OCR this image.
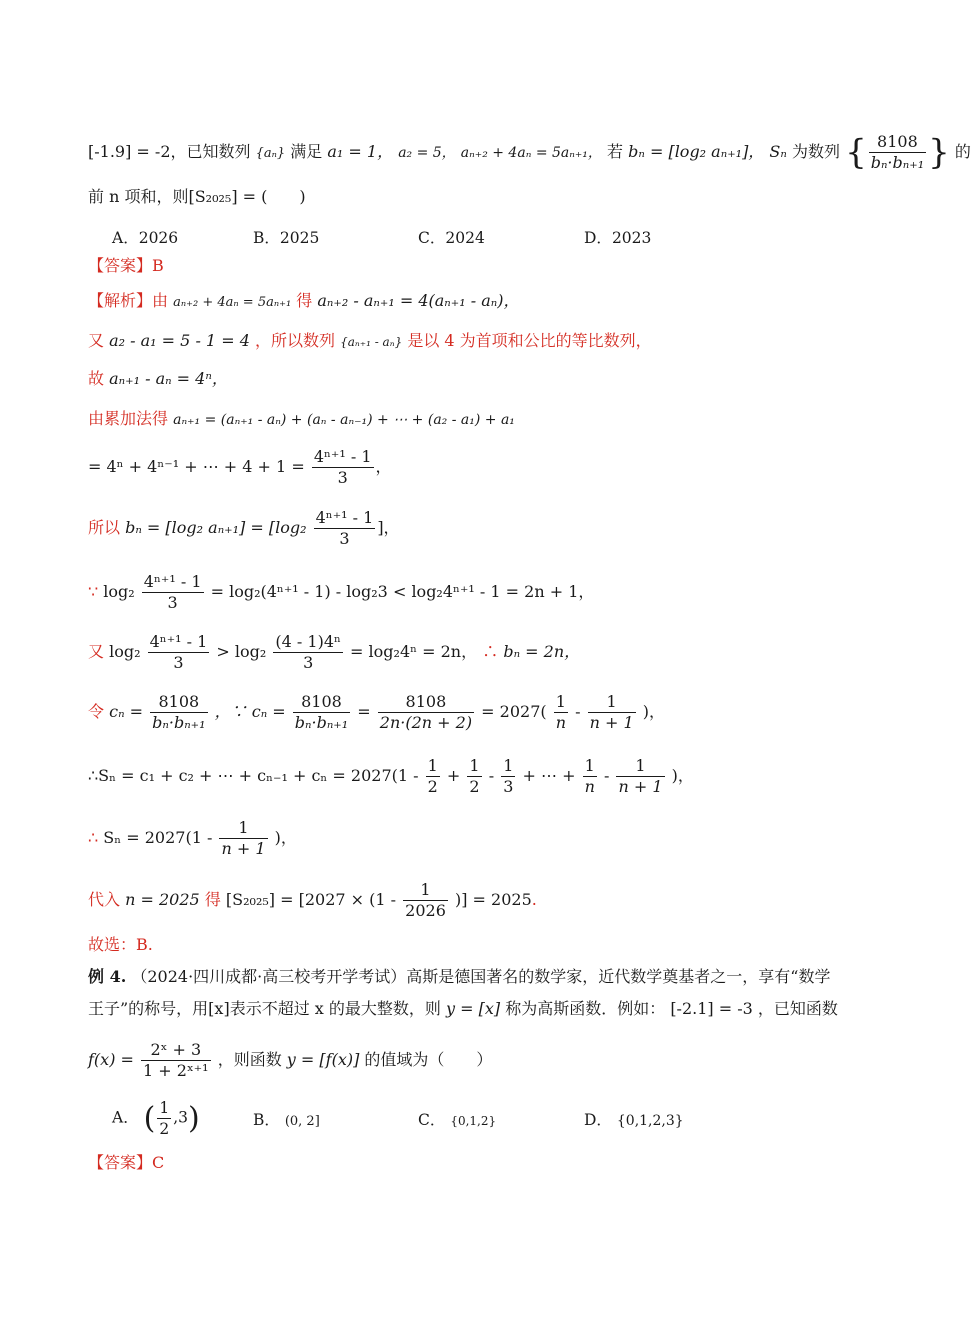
[-1.9] = -2，已知数列 {aₙ} 满足 a₁ = 1， a₂ = 5， aₙ₊₂ + 4aₙ = 5aₙ₊₁， 若 bₙ = [log₂ aₙ₊₁]， Sₙ 为数列 { $\frac{8108}{\text{bₙ·bₙ₊₁}}$ } 的
前 n 项和，则[S₂₀₂₅] = (　　)
A．2026	B．2025	C．2024	D．2023
【答案】B
【解析】由 aₙ₊₂ + 4aₙ = 5aₙ₊₁ 得 aₙ₊₂ - aₙ₊₁ = 4(aₙ₊₁ - aₙ)，
又 a₂ - a₁ = 5 - 1 = 4 ，所以数列 {aₙ₊₁ - aₙ} 是以 4 为首项和公比的等比数列，
故 aₙ₊₁ - aₙ = 4ⁿ，
由累加法得 aₙ₊₁ = (aₙ₊₁ - aₙ) + (aₙ - aₙ₋₁) + ⋯ + (a₂ - a₁) + a₁
= 4ⁿ + 4ⁿ⁻¹ + ⋯ + $4 + 1 = \frac{\text{4ⁿ⁺¹ - 1}}{3}$ ，
所以 bₙ = [log₂ $a_{n+1}] = [\log_2 \frac{\text{4ⁿ⁺¹ - 1}}{3}$ ]，
∵ $\log_2 \frac{\text{4ⁿ⁺¹ - 1}}{3} = \log_2(4^{n+1} - 1) - \log_23 < \log_24^{n+1} - 1 = 2n + 1$，
又 $\log_2 \frac{\text{4ⁿ⁺¹ - 1}}{3} > \log_2 \frac{\text{(4 - 1)4ⁿ}}{3} = \log_24^n = 2n$， ∴ bₙ = 2n，
令 $c_n = \frac{8108}{\text{bₙ·bₙ₊₁}}$ ，∵ $c_n = \frac{8108}{\text{bₙ·bₙ₊₁}} = \frac{8108}{2n\cdot(2n + 2)} = 2027( \frac{1}{n} - \frac{1}{n + 1}$ )，
∴Sₙ = c₁ + c₂ + ⋯ + $c_{n-1} + c_n = 2027(1 - \frac{1}{2} + \frac{1}{2} - \frac{1}{3}$ + ⋯ + $\frac{1}{n} - \frac{1}{n + 1}$ )，
∴ $S_n = 2027(1 - \frac{1}{n + 1}$ )，
代入 n = 2025 得 $[S_{2025}] = [2027 \times (1 - \frac{1}{2026}$ )] = 2025.
故选：B.
例 4. （2024·四川成都·高三校考开学考试）高斯是德国著名的数学家，近代数学奠基者之一，享有“数学
王子”的称号，用[x]表示不超过 x 的最大整数，则 y = [x] 称为高斯函数．例如： [-2.1] = -3 ，已知函数
$f(x) = \frac{\text{2ˣ + 3}}{\text{1 + 2ˣ⁺¹}}$ ，则函数 y = [f(x)] 的值域为（　　）
A． ( $\frac{1}{2} ,3$)	B． (0, 2]	C． {0,1,2}	D． {0,1,2,3}
【答案】C
